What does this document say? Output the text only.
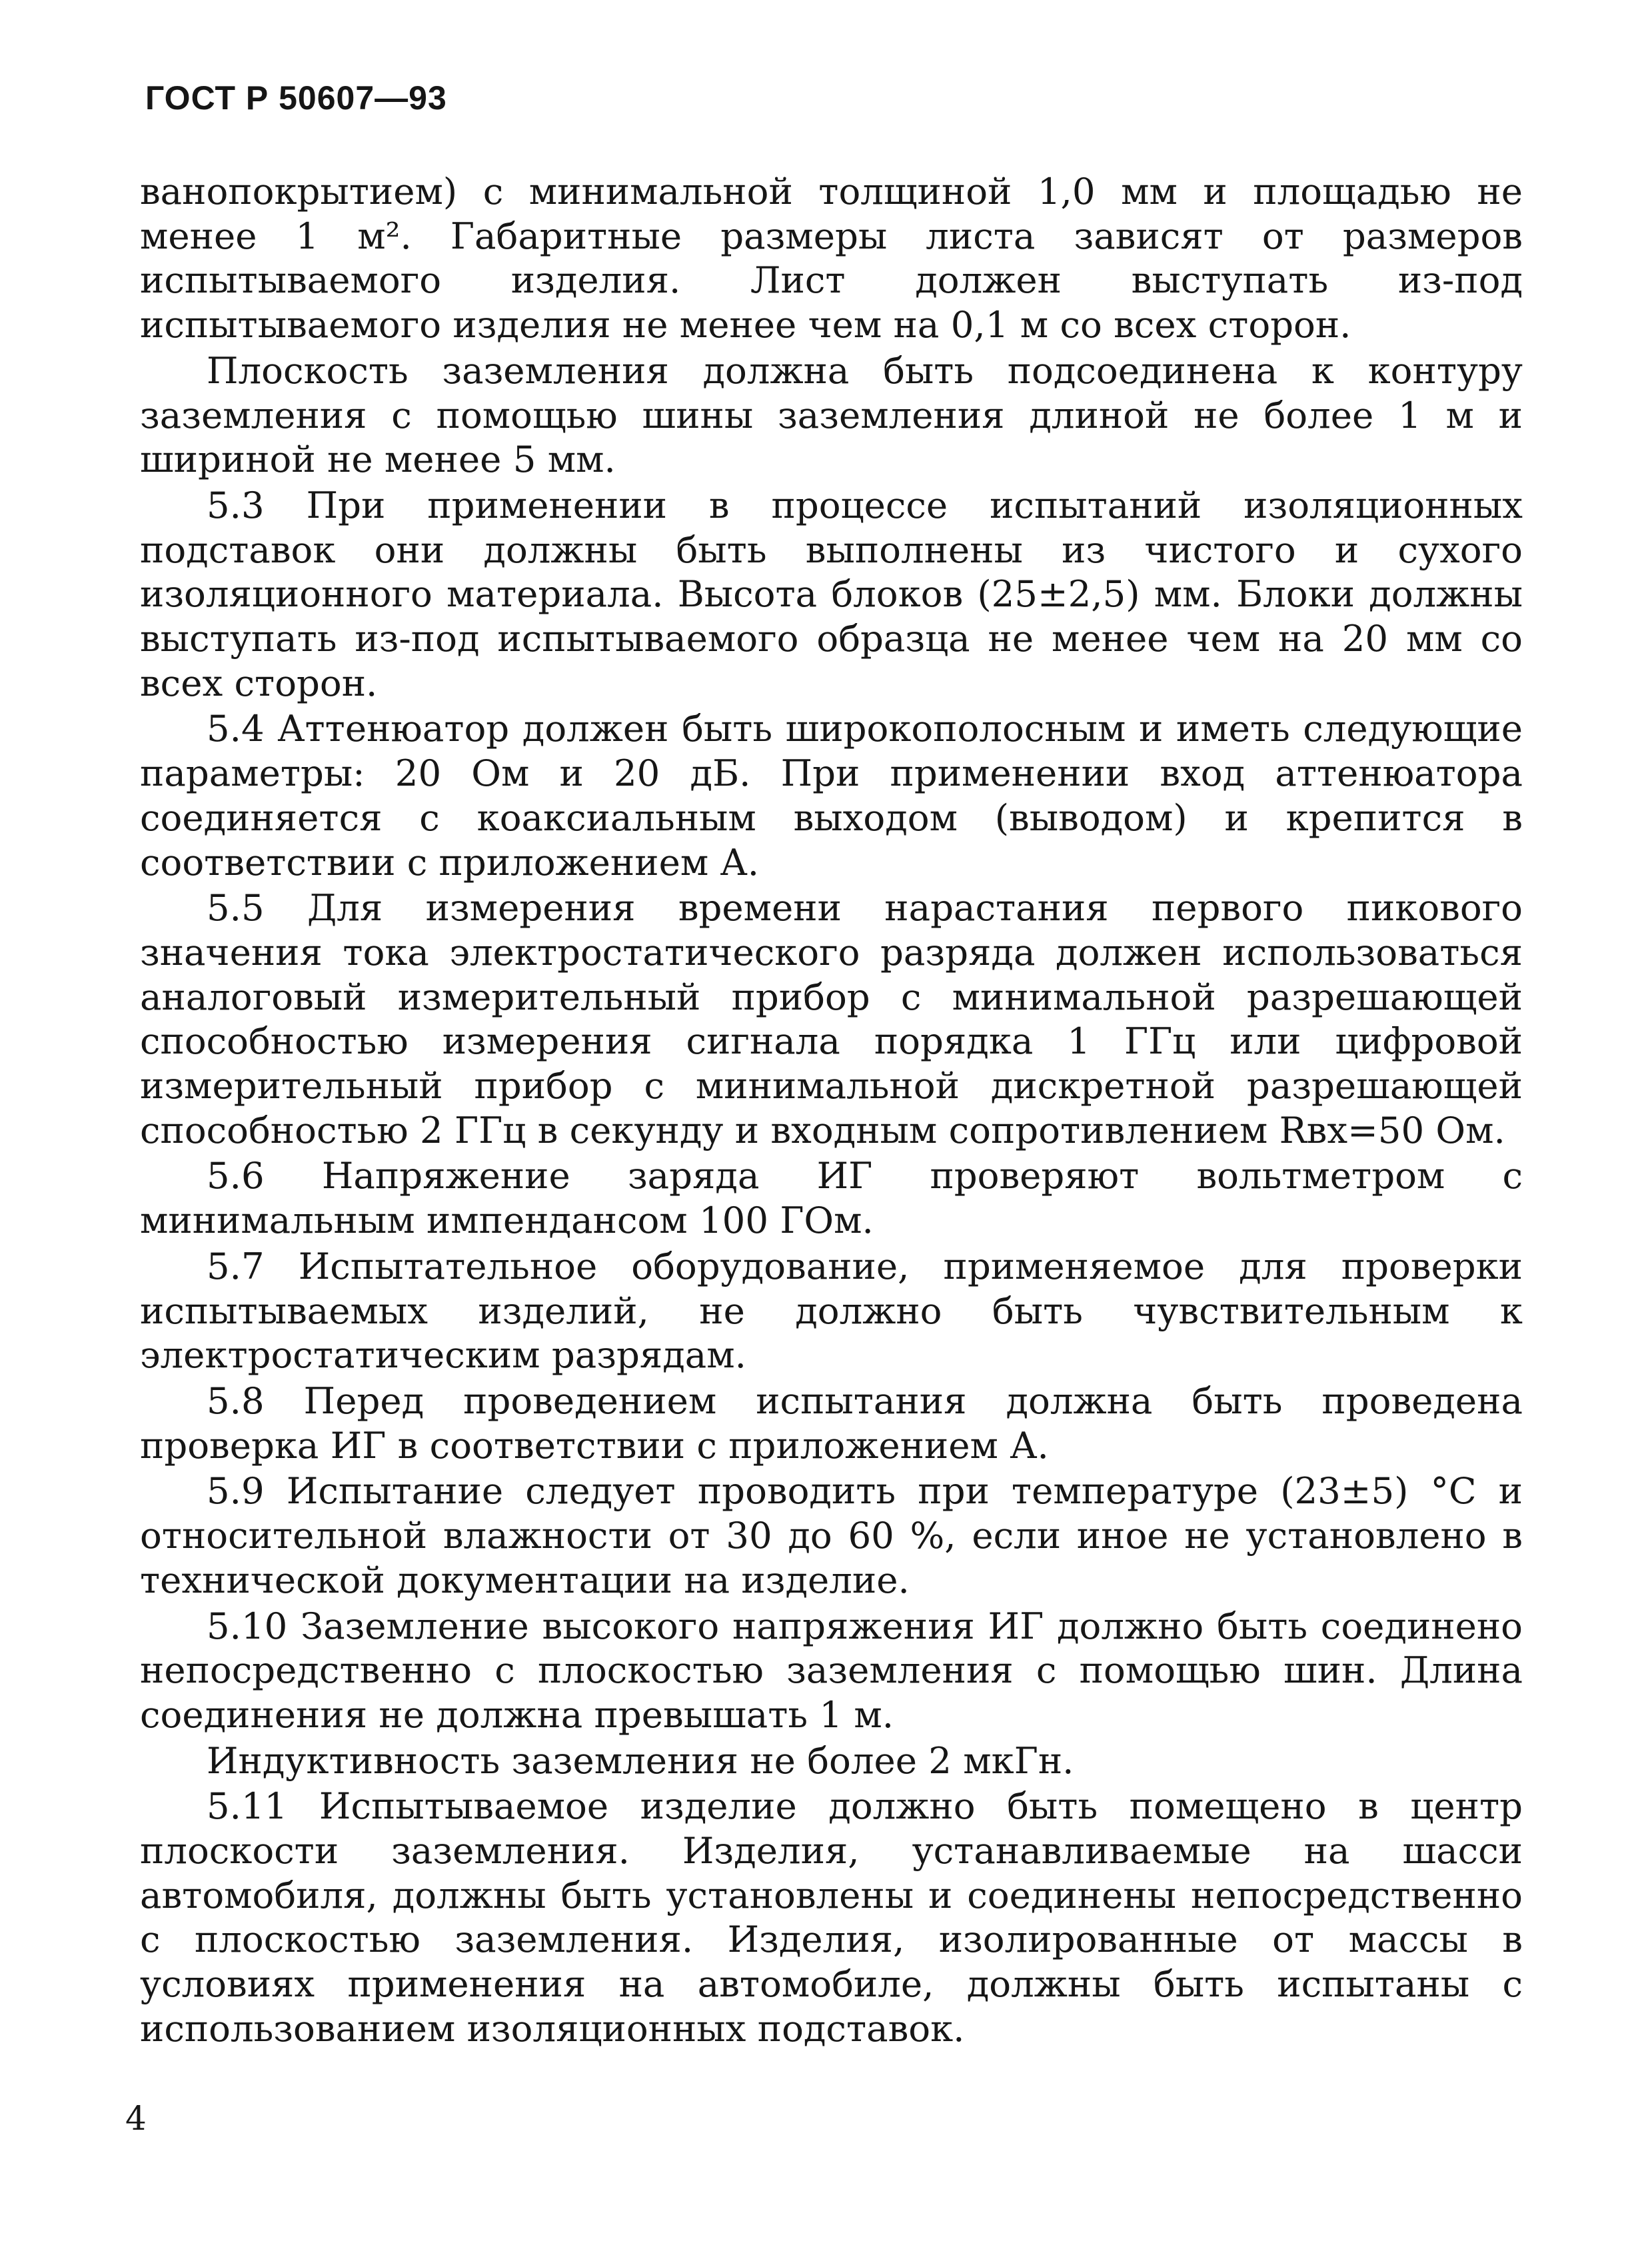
ГОСТ Р 50607—93

ванопокрытием) с минимальной толщиной 1,0 мм и площадью не менее 1 м². Габаритные размеры листа зависят от размеров испытываемого изделия. Лист должен выступать из-под испытываемого изделия не менее чем на 0,1 м со всех сторон.

Плоскость заземления должна быть подсоединена к контуру заземления с помощью шины заземления длиной не более 1 м и шириной не менее 5 мм.

5.3 При применении в процессе испытаний изоляционных подставок они должны быть выполнены из чистого и сухого изоляционного материала. Высота блоков (25±2,5) мм. Блоки должны выступать из-под испытываемого образца не менее чем на 20 мм со всех сторон.

5.4 Аттенюатор должен быть широкополосным и иметь следующие параметры: 20 Ом и 20 дБ. При применении вход аттенюатора соединяется с коаксиальным выходом (выводом) и крепится в соответствии с приложением А.

5.5 Для измерения времени нарастания первого пикового значения тока электростатического разряда должен использоваться аналоговый измерительный прибор с минимальной разрешающей способностью измерения сигнала порядка 1 ГГц или цифровой измерительный прибор с минимальной дискретной разрешающей способностью 2 ГГц в секунду и входным сопротивлением Rвх=50 Ом.

5.6 Напряжение заряда ИГ проверяют вольтметром с минимальным импендансом 100 ГОм.

5.7 Испытательное оборудование, применяемое для проверки испытываемых изделий, не должно быть чувствительным к электростатическим разрядам.

5.8 Перед проведением испытания должна быть проведена проверка ИГ в соответствии с приложением А.

5.9 Испытание следует проводить при температуре (23±5) °С и относительной влажности от 30 до 60 %, если иное не установлено в технической документации на изделие.

5.10 Заземление высокого напряжения ИГ должно быть соединено непосредственно с плоскостью заземления с помощью шин. Длина соединения не должна превышать 1 м.

Индуктивность заземления не более 2 мкГн.

5.11 Испытываемое изделие должно быть помещено в центр плоскости заземления. Изделия, устанавливаемые на шасси автомобиля, должны быть установлены и соединены непосредственно с плоскостью заземления. Изделия, изолированные от массы в условиях применения на автомобиле, должны быть испытаны с использованием изоляционных подставок.

4
